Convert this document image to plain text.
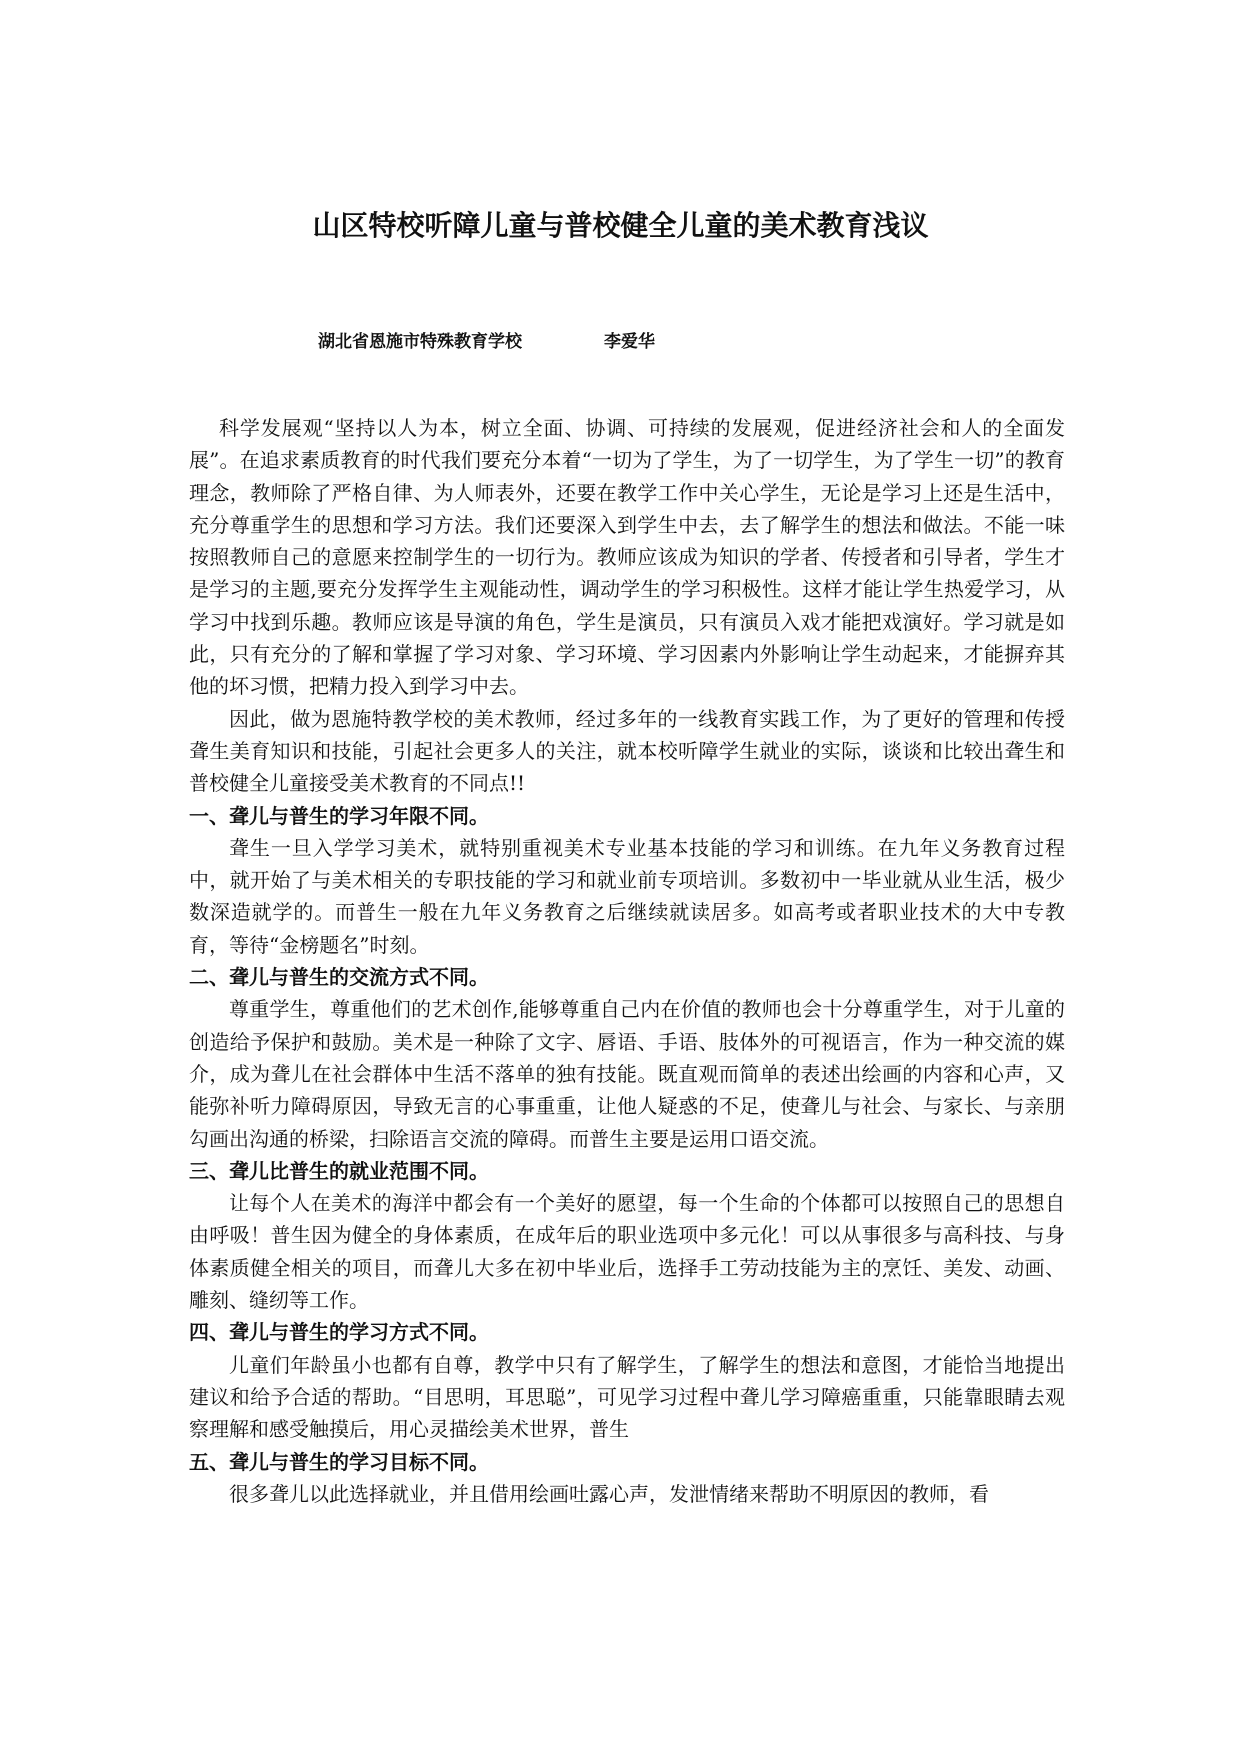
山区特校听障儿童与普校健全儿童的美术教育浅议
湖北省恩施市特殊教育学校	李爱华

科学发展观“坚持以人为本，树立全面、协调、可持续的发展观，促进经济社会和人的全面发展”。在追求素质教育的时代我们要充分本着“一切为了学生，为了一切学生，为了学生一切”的教育理念，教师除了严格自律、为人师表外，还要在教学工作中关心学生，无论是学习上还是生活中，充分尊重学生的思想和学习方法。我们还要深入到学生中去，去了解学生的想法和做法。不能一味按照教师自己的意愿来控制学生的一切行为。教师应该成为知识的学者、传授者和引导者，学生才是学习的主题,要充分发挥学生主观能动性，调动学生的学习积极性。这样才能让学生热爱学习，从学习中找到乐趣。教师应该是导演的角色，学生是演员，只有演员入戏才能把戏演好。学习就是如此，只有充分的了解和掌握了学习对象、学习环境、学习因素内外影响让学生动起来，才能摒弃其他的坏习惯，把精力投入到学习中去。

因此，做为恩施特教学校的美术教师，经过多年的一线教育实践工作，为了更好的管理和传授聋生美育知识和技能，引起社会更多人的关注，就本校听障学生就业的实际，谈谈和比较出聋生和普校健全儿童接受美术教育的不同点!!

一、聋儿与普生的学习年限不同。

聋生一旦入学学习美术，就特别重视美术专业基本技能的学习和训练。在九年义务教育过程中，就开始了与美术相关的专职技能的学习和就业前专项培训。多数初中一毕业就从业生活，极少数深造就学的。而普生一般在九年义务教育之后继续就读居多。如高考或者职业技术的大中专教育，等待“金榜题名”时刻。

二、聋儿与普生的交流方式不同。

尊重学生，尊重他们的艺术创作,能够尊重自己内在价值的教师也会十分尊重学生，对于儿童的创造给予保护和鼓励。美术是一种除了文字、唇语、手语、肢体外的可视语言，作为一种交流的媒介，成为聋儿在社会群体中生活不落单的独有技能。既直观而简单的表述出绘画的内容和心声，又能弥补听力障碍原因，导致无言的心事重重，让他人疑惑的不足，使聋儿与社会、与家长、与亲朋勾画出沟通的桥梁，扫除语言交流的障碍。而普生主要是运用口语交流。

三、聋儿比普生的就业范围不同。

让每个人在美术的海洋中都会有一个美好的愿望，每一个生命的个体都可以按照自己的思想自由呼吸！普生因为健全的身体素质，在成年后的职业选项中多元化！可以从事很多与高科技、与身体素质健全相关的项目，而聋儿大多在初中毕业后，选择手工劳动技能为主的烹饪、美发、动画、雕刻、缝纫等工作。

四、聋儿与普生的学习方式不同。

儿童们年龄虽小也都有自尊，教学中只有了解学生，了解学生的想法和意图，才能恰当地提出建议和给予合适的帮助。“目思明，耳思聪”，可见学习过程中聋儿学习障癌重重，只能靠眼睛去观察理解和感受触摸后，用心灵描绘美术世界，普生

五、聋儿与普生的学习目标不同。

很多聋儿以此选择就业，并且借用绘画吐露心声，发泄情绪来帮助不明原因的教师，看
